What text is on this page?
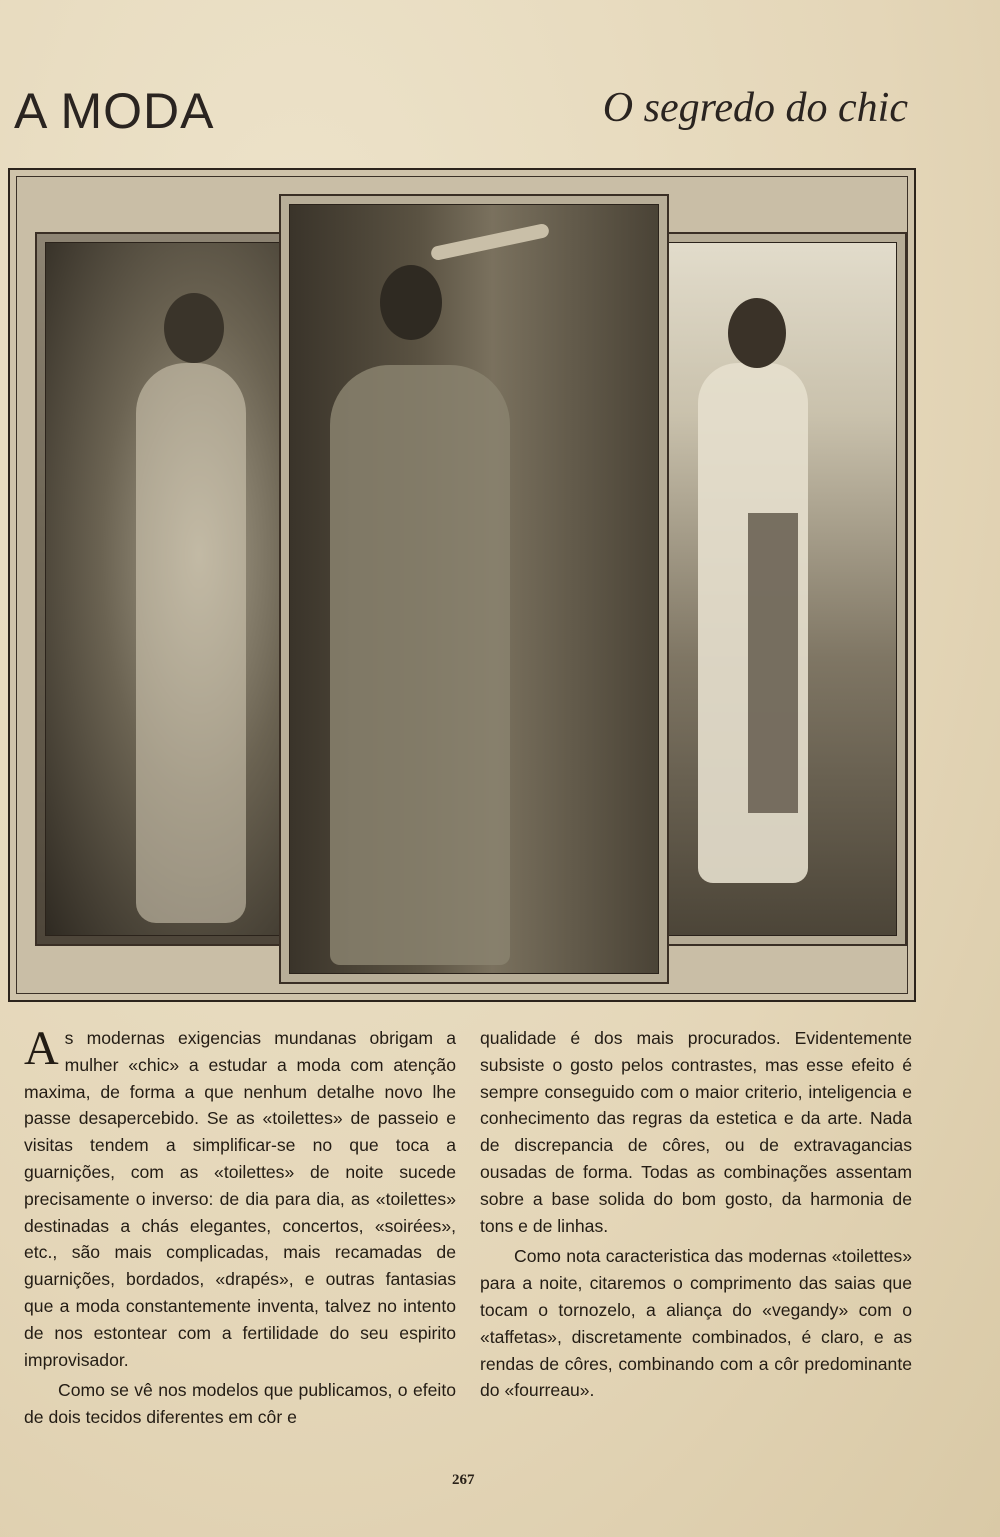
A MODA	O segredo do chic

As modernas exigencias mundanas obrigam a mulher «chic» a estudar a moda com atenção maxima, de forma a que nenhum detalhe novo lhe passe desapercebido. Se as «toilettes» de passeio e visitas tendem a simplificar-se no que toca a guarnições, com as «toilettes» de noite sucede precisamente o inverso: de dia para dia, as «toilettes» destinadas a chás elegantes, concertos, «soirées», etc., são mais complicadas, mais recamadas de guarnições, bordados, «drapés», e outras fantasias que a moda constantemente inventa, talvez no intento de nos estontear com a fertilidade do seu espirito improvisador.

Como se vê nos modelos que publicamos, o efeito de dois tecidos diferentes em côr e

qualidade é dos mais procurados. Evidentemente subsiste o gosto pelos contrastes, mas esse efeito é sempre conseguido com o maior criterio, inteligencia e conhecimento das regras da estetica e da arte. Nada de discrepancia de côres, ou de extravagancias ousadas de forma. Todas as combinações assentam sobre a base solida do bom gosto, da harmonia de tons e de linhas.

Como nota caracteristica das modernas «toilettes» para a noite, citaremos o comprimento das saias que tocam o tornozelo, a aliança do «vegandy» com o «taffetas», discretamente combinados, é claro, e as rendas de côres, combinando com a côr predominante do «fourreau».

267
